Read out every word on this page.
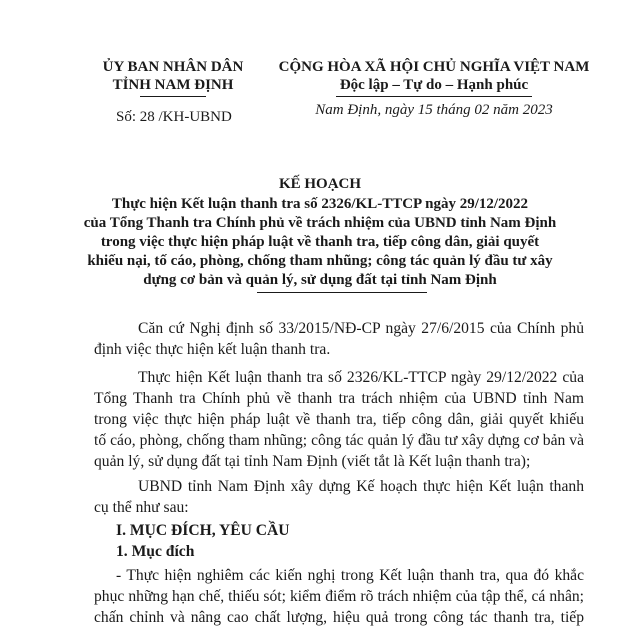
ỦY BAN NHÂN DÂN
TỈNH NAM ĐỊNH
Số: 28 /KH-UBND
CỘNG HÒA XÃ HỘI CHỦ NGHĨA VIỆT NAM
Độc lập – Tự do – Hạnh phúc
Nam Định, ngày 15 tháng 02 năm 2023
KẾ HOẠCH
Thực hiện Kết luận thanh tra số 2326/KL-TTCP ngày 29/12/2022
của Tổng Thanh tra Chính phủ về trách nhiệm của UBND tỉnh Nam Định
trong việc thực hiện pháp luật về thanh tra, tiếp công dân, giải quyết
khiếu nại, tố cáo, phòng, chống tham nhũng; công tác quản lý đầu tư xây
dựng cơ bản và quản lý, sử dụng đất tại tỉnh Nam Định
Căn cứ Nghị định số 33/2015/NĐ-CP ngày 27/6/2015 của Chính phủ
định việc thực hiện kết luận thanh tra.
Thực hiện Kết luận thanh tra số 2326/KL-TTCP ngày 29/12/2022 của
Tổng Thanh tra Chính phủ về thanh tra trách nhiệm của UBND tỉnh Nam
trong việc thực hiện pháp luật về thanh tra, tiếp công dân, giải quyết khiếu
tố cáo, phòng, chống tham nhũng; công tác quản lý đầu tư xây dựng cơ bản và
quản lý, sử dụng đất tại tỉnh Nam Định (viết tắt là Kết luận thanh tra);
UBND tỉnh Nam Định xây dựng Kế hoạch thực hiện Kết luận thanh
cụ thể như sau:
I. MỤC ĐÍCH, YÊU CẦU
1. Mục đích
- Thực hiện nghiêm các kiến nghị trong Kết luận thanh tra, qua đó khắc
phục những hạn chế, thiếu sót; kiểm điểm rõ trách nhiệm của tập thể, cá nhân;
chấn chỉnh và nâng cao chất lượng, hiệu quả trong công tác thanh tra, tiếp
